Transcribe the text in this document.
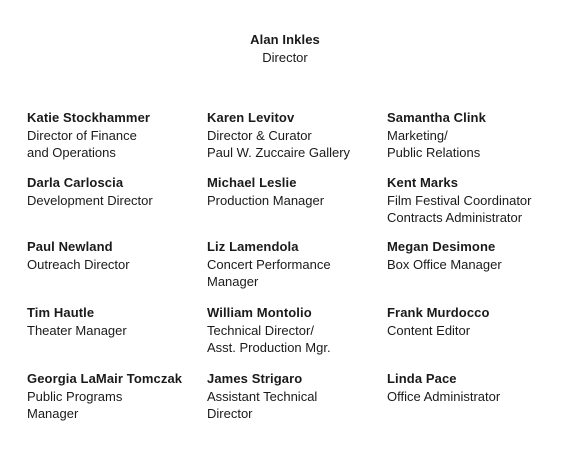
Alan Inkles
Director
Katie Stockhammer
Director of Finance
and Operations
Karen Levitov
Director & Curator
Paul W. Zuccaire Gallery
Samantha Clink
Marketing/
Public Relations
Darla Carloscia
Development Director
Michael Leslie
Production Manager
Kent Marks
Film Festival Coordinator
Contracts Administrator
Paul Newland
Outreach Director
Liz Lamendola
Concert Performance
Manager
Megan Desimone
Box Office Manager
Tim Hautle
Theater Manager
William Montolio
Technical Director/
Asst. Production Mgr.
Frank Murdocco
Content Editor
Georgia LaMair Tomczak
Public Programs
Manager
James Strigaro
Assistant Technical
Director
Linda Pace
Office Administrator
